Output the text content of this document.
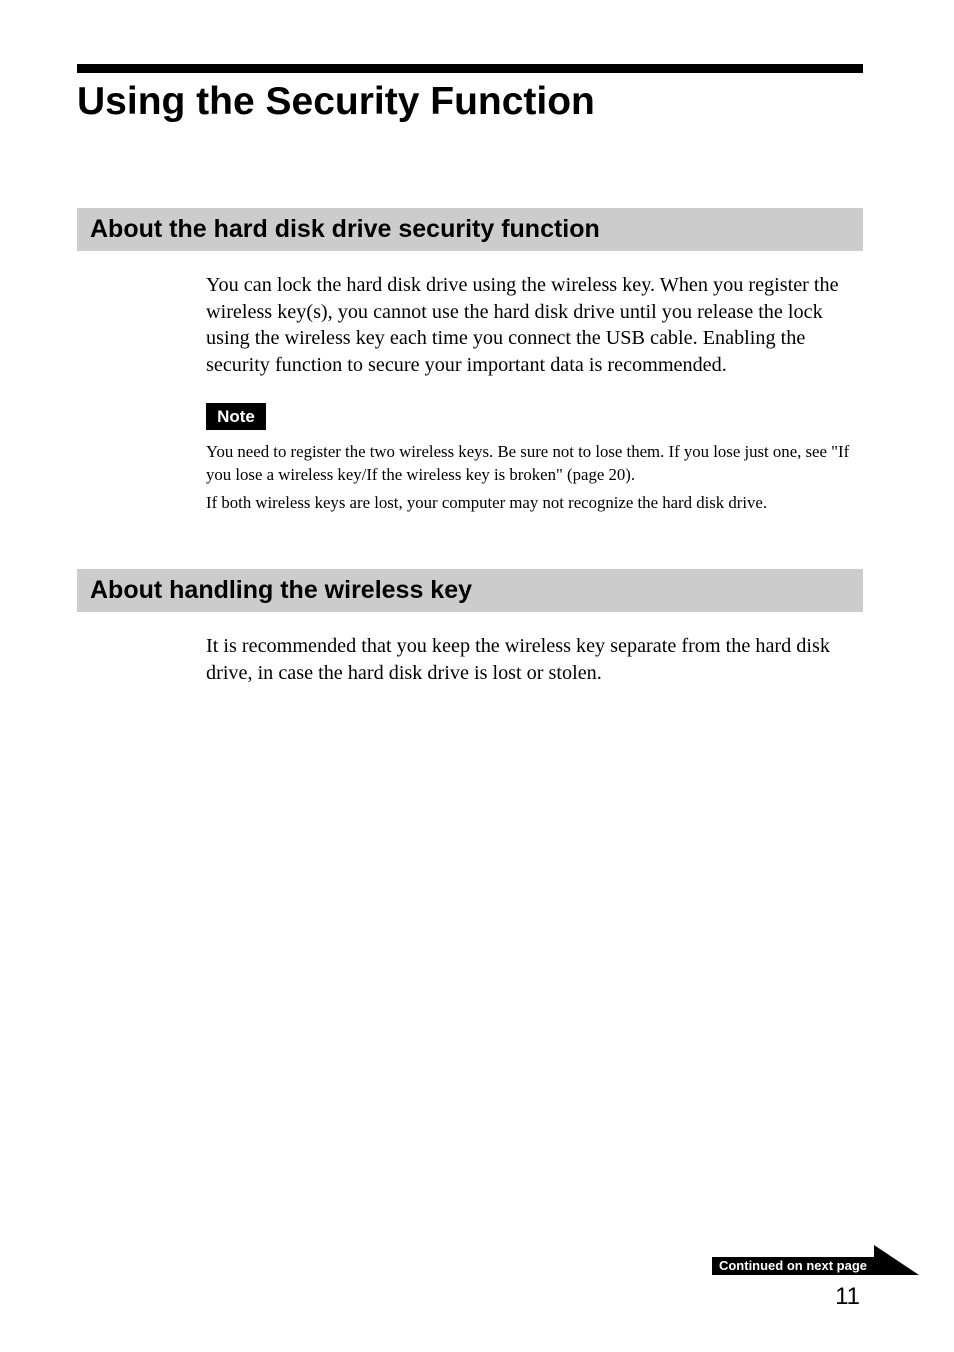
Using the Security Function
About the hard disk drive security function

You can lock the hard disk drive using the wireless key. When you register the wireless key(s), you cannot use the hard disk drive until you release the lock using the wireless key each time you connect the USB cable. Enabling the security function to secure your important data is recommended.

Note

You need to register the two wireless keys. Be sure not to lose them. If you lose just one, see "If you lose a wireless key/If the wireless key is broken" (page 20).

If both wireless keys are lost, your computer may not recognize the hard disk drive.

About handling the wireless key

It is recommended that you keep the wireless key separate from the hard disk drive, in case the hard disk drive is lost or stolen.

Continued on next page
11
